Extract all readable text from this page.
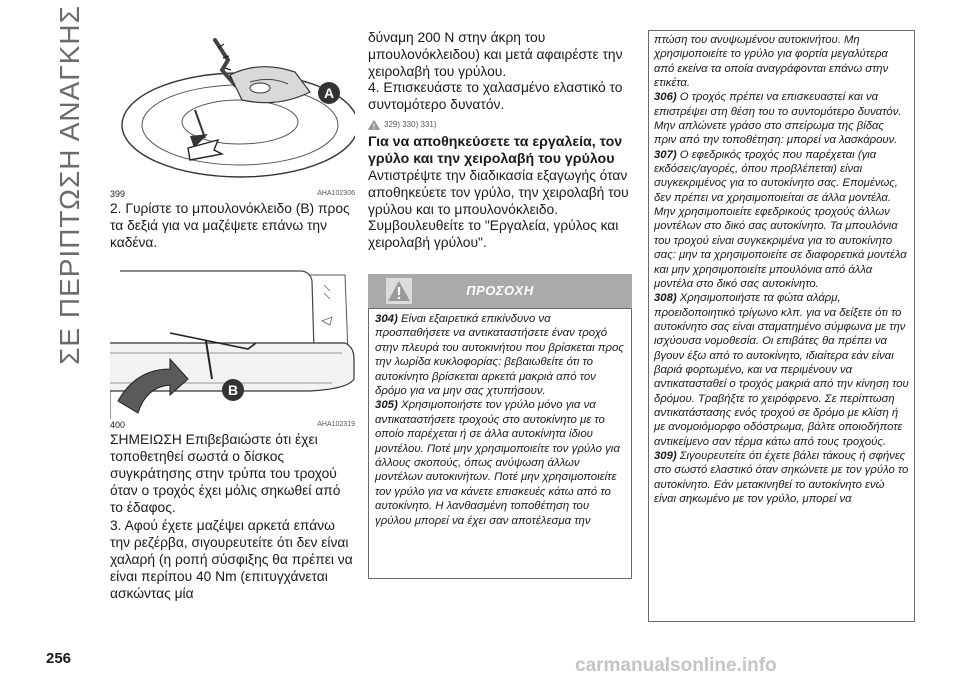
ΣΕ ΠΕΡΙΠΤΩΣΗ ΑΝΑΓΚΗΣ	A
399	AHA102306

2. Γυρίστε το μπουλονόκλειδο (B) προς τα δεξιά για να μαζέψετε επάνω την καδένα.

B
400	AHA102319

ΣΗΜΕΙΩΣΗ Επιβεβαιώστε ότι έχει τοποθετηθεί σωστά ο δίσκος συγκράτησης στην τρύπα του τροχού όταν ο τροχός έχει μόλις σηκωθεί από το έδαφος.

3. Αφού έχετε μαζέψει αρκετά επάνω την ρεζέρβα, σιγουρευτείτε ότι δεν είναι χαλαρή (η ροπή σύσφιξης θα πρέπει να είναι περίπου 40 Nm (επιτυγχάνεται ασκώντας μία

δύναμη 200 N στην άκρη του μπουλονόκλειδου) και μετά αφαιρέστε την χειρολαβή του γρύλου.

4. Επισκευάστε το χαλασμένο ελαστικό το συντομότερο δυνατόν.

329) 330) 331)

Για να αποθηκεύσετε τα εργαλεία, τον γρύλο και την χειρολαβή του γρύλου

Αντιστρέψτε την διαδικασία εξαγωγής όταν αποθηκεύετε τον γρύλο, την χειρολαβή του γρύλου και το μπουλονόκλειδο. Συμβουλευθείτε το "Εργαλεία, γρύλος και χειρολαβή γρύλου".

ΠΡΟΣΟΧΗ

304) Είναι εξαιρετικά επικίνδυνο να προσπαθήσετε να αντικαταστήσετε έναν τροχό στην πλευρά του αυτοκινήτου που βρίσκεται προς την λωρίδα κυκλοφορίας: βεβαιωθείτε ότι το αυτοκίνητο βρίσκεται αρκετά μακριά από τον δρόμο για να μην σας χτυπήσουν.

305) Χρησιμοποιήστε τον γρύλο μόνο για να αντικαταστήσετε τροχούς στο αυτοκίνητο με το οποίο παρέχεται ή σε άλλα αυτοκίνητα ίδιου μοντέλου. Ποτέ μην χρησιμοποιείτε τον γρύλο για άλλους σκοπούς, όπως ανύψωση άλλων μοντέλων αυτοκινήτων. Ποτέ μην χρησιμοποιείτε τον γρύλο για να κάνετε επισκευές κάτω από το αυτοκίνητο. Η λανθασμένη τοποθέτηση του γρύλου μπορεί να έχει σαν αποτέλεσμα την

πτώση του ανυψωμένου αυτοκινήτου. Μη χρησιμοποιείτε το γρύλο για φορτία μεγαλύτερα από εκείνα τα οποία αναγράφονται επάνω στην ετικέτα.

306) Ο τροχός πρέπει να επισκευαστεί και να επιστρέψει στη θέση του το συντομότερο δυνατόν. Μην απλώνετε γράσο στο σπείρωμα της βίδας πριν από την τοποθέτηση: μπορεί να λασκάρουν.

307) Ο εφεδρικός τροχός που παρέχεται (για εκδόσεις/αγορές, όπου προβλέπεται) είναι συγκεκριμένος για το αυτοκίνητο σας. Επομένως, δεν πρέπει να χρησιμοποιείται σε άλλα μοντέλα. Μην χρησιμοποιείτε εφεδρικούς τροχούς άλλων μοντέλων στο δικό σας αυτοκίνητο. Τα μπουλόνια του τροχού είναι συγκεκριμένα για το αυτοκίνητο σας: μην τα χρησιμοποιείτε σε διαφορετικά μοντέλα και μην χρησιμοποιείτε μπουλόνια από άλλα μοντέλα στο δικό σας αυτοκίνητο.

308) Χρησιμοποιήστε τα φώτα αλάρμ, προειδοποιητικό τρίγωνο κλπ. για να δείξετε ότι το αυτοκίνητο σας είναι σταματημένο σύμφωνα με την ισχύουσα νομοθεσία. Οι επιβάτες θα πρέπει να βγουν έξω από το αυτοκίνητο, ιδιαίτερα εάν είναι βαριά φορτωμένο, και να περιμένουν να αντικατασταθεί ο τροχός μακριά από την κίνηση του δρόμου. Τραβήξτε το χειρόφρενο. Σε περίπτωση αντικατάστασης ενός τροχού σε δρόμο με κλίση ή με ανομοιόμορφο οδόστρωμα, βάλτε οποιοδήποτε αντικείμενο σαν τέρμα κάτω από τους τροχούς.

309) Σιγουρευτείτε ότι έχετε βάλει τάκους ή σφήνες στο σωστό ελαστικό όταν σηκώνετε με τον γρύλο το αυτοκίνητο. Εάν μετακινηθεί το αυτοκίνητο ενώ είναι σηκωμένο με τον γρύλο, μπορεί να

256	carmanualsonline.info
